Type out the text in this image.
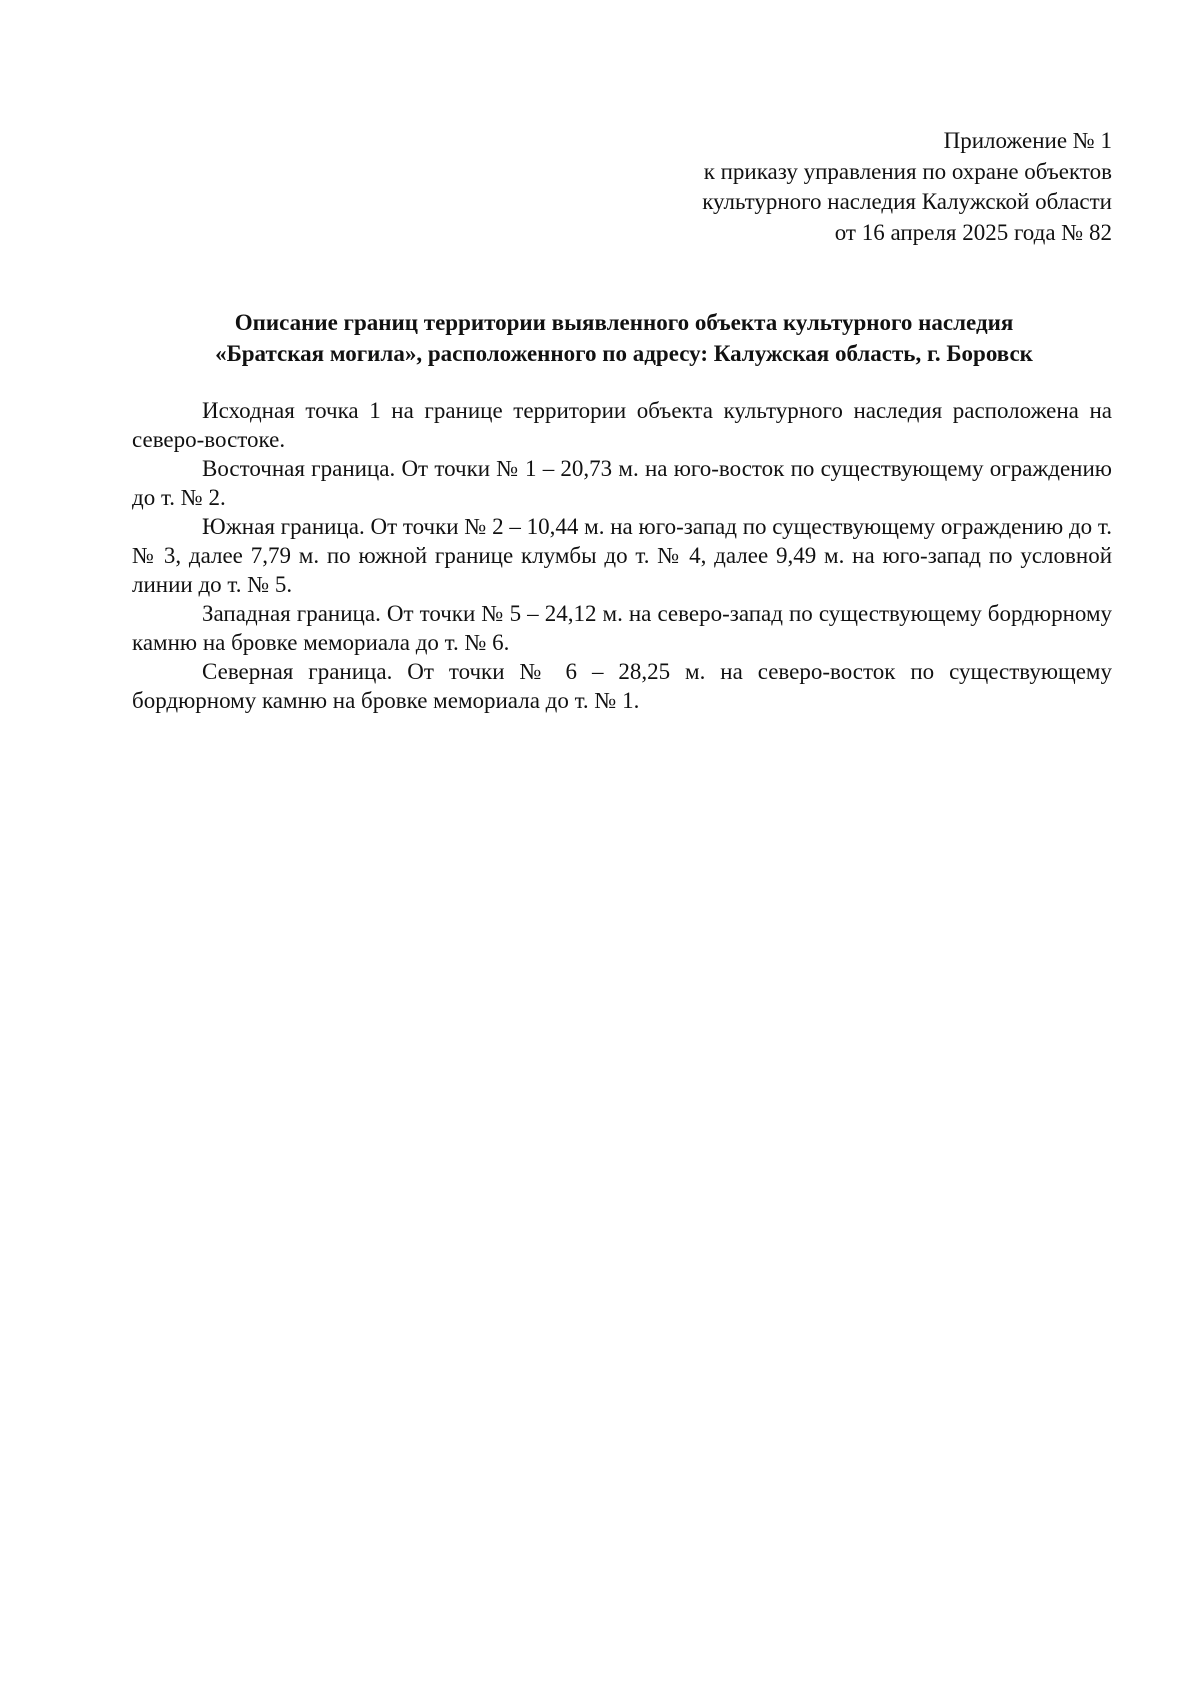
Приложение № 1
к приказу управления по охране объектов
культурного наследия Калужской области
от 16 апреля 2025 года № 82
Описание границ территории выявленного объекта культурного наследия
«Братская могила», расположенного по адресу: Калужская область, г. Боровск

Исходная точка 1 на границе территории объекта культурного наследия расположена на северо-востоке.

Восточная граница. От точки № 1 – 20,73 м. на юго-восток по существующему ограждению до т. № 2.

Южная граница. От точки № 2 – 10,44 м. на юго-запад по существующему ограждению до т. № 3, далее 7,79 м. по южной границе клумбы до т. № 4, далее 9,49 м. на юго-запад по условной линии до т. № 5.

Западная граница. От точки № 5 – 24,12 м. на северо-запад по существующему бордюрному камню на бровке мемориала до т. № 6.

Северная граница. От точки № 6 – 28,25 м. на северо-восток по существующему бордюрному камню на бровке мемориала до т. № 1.
